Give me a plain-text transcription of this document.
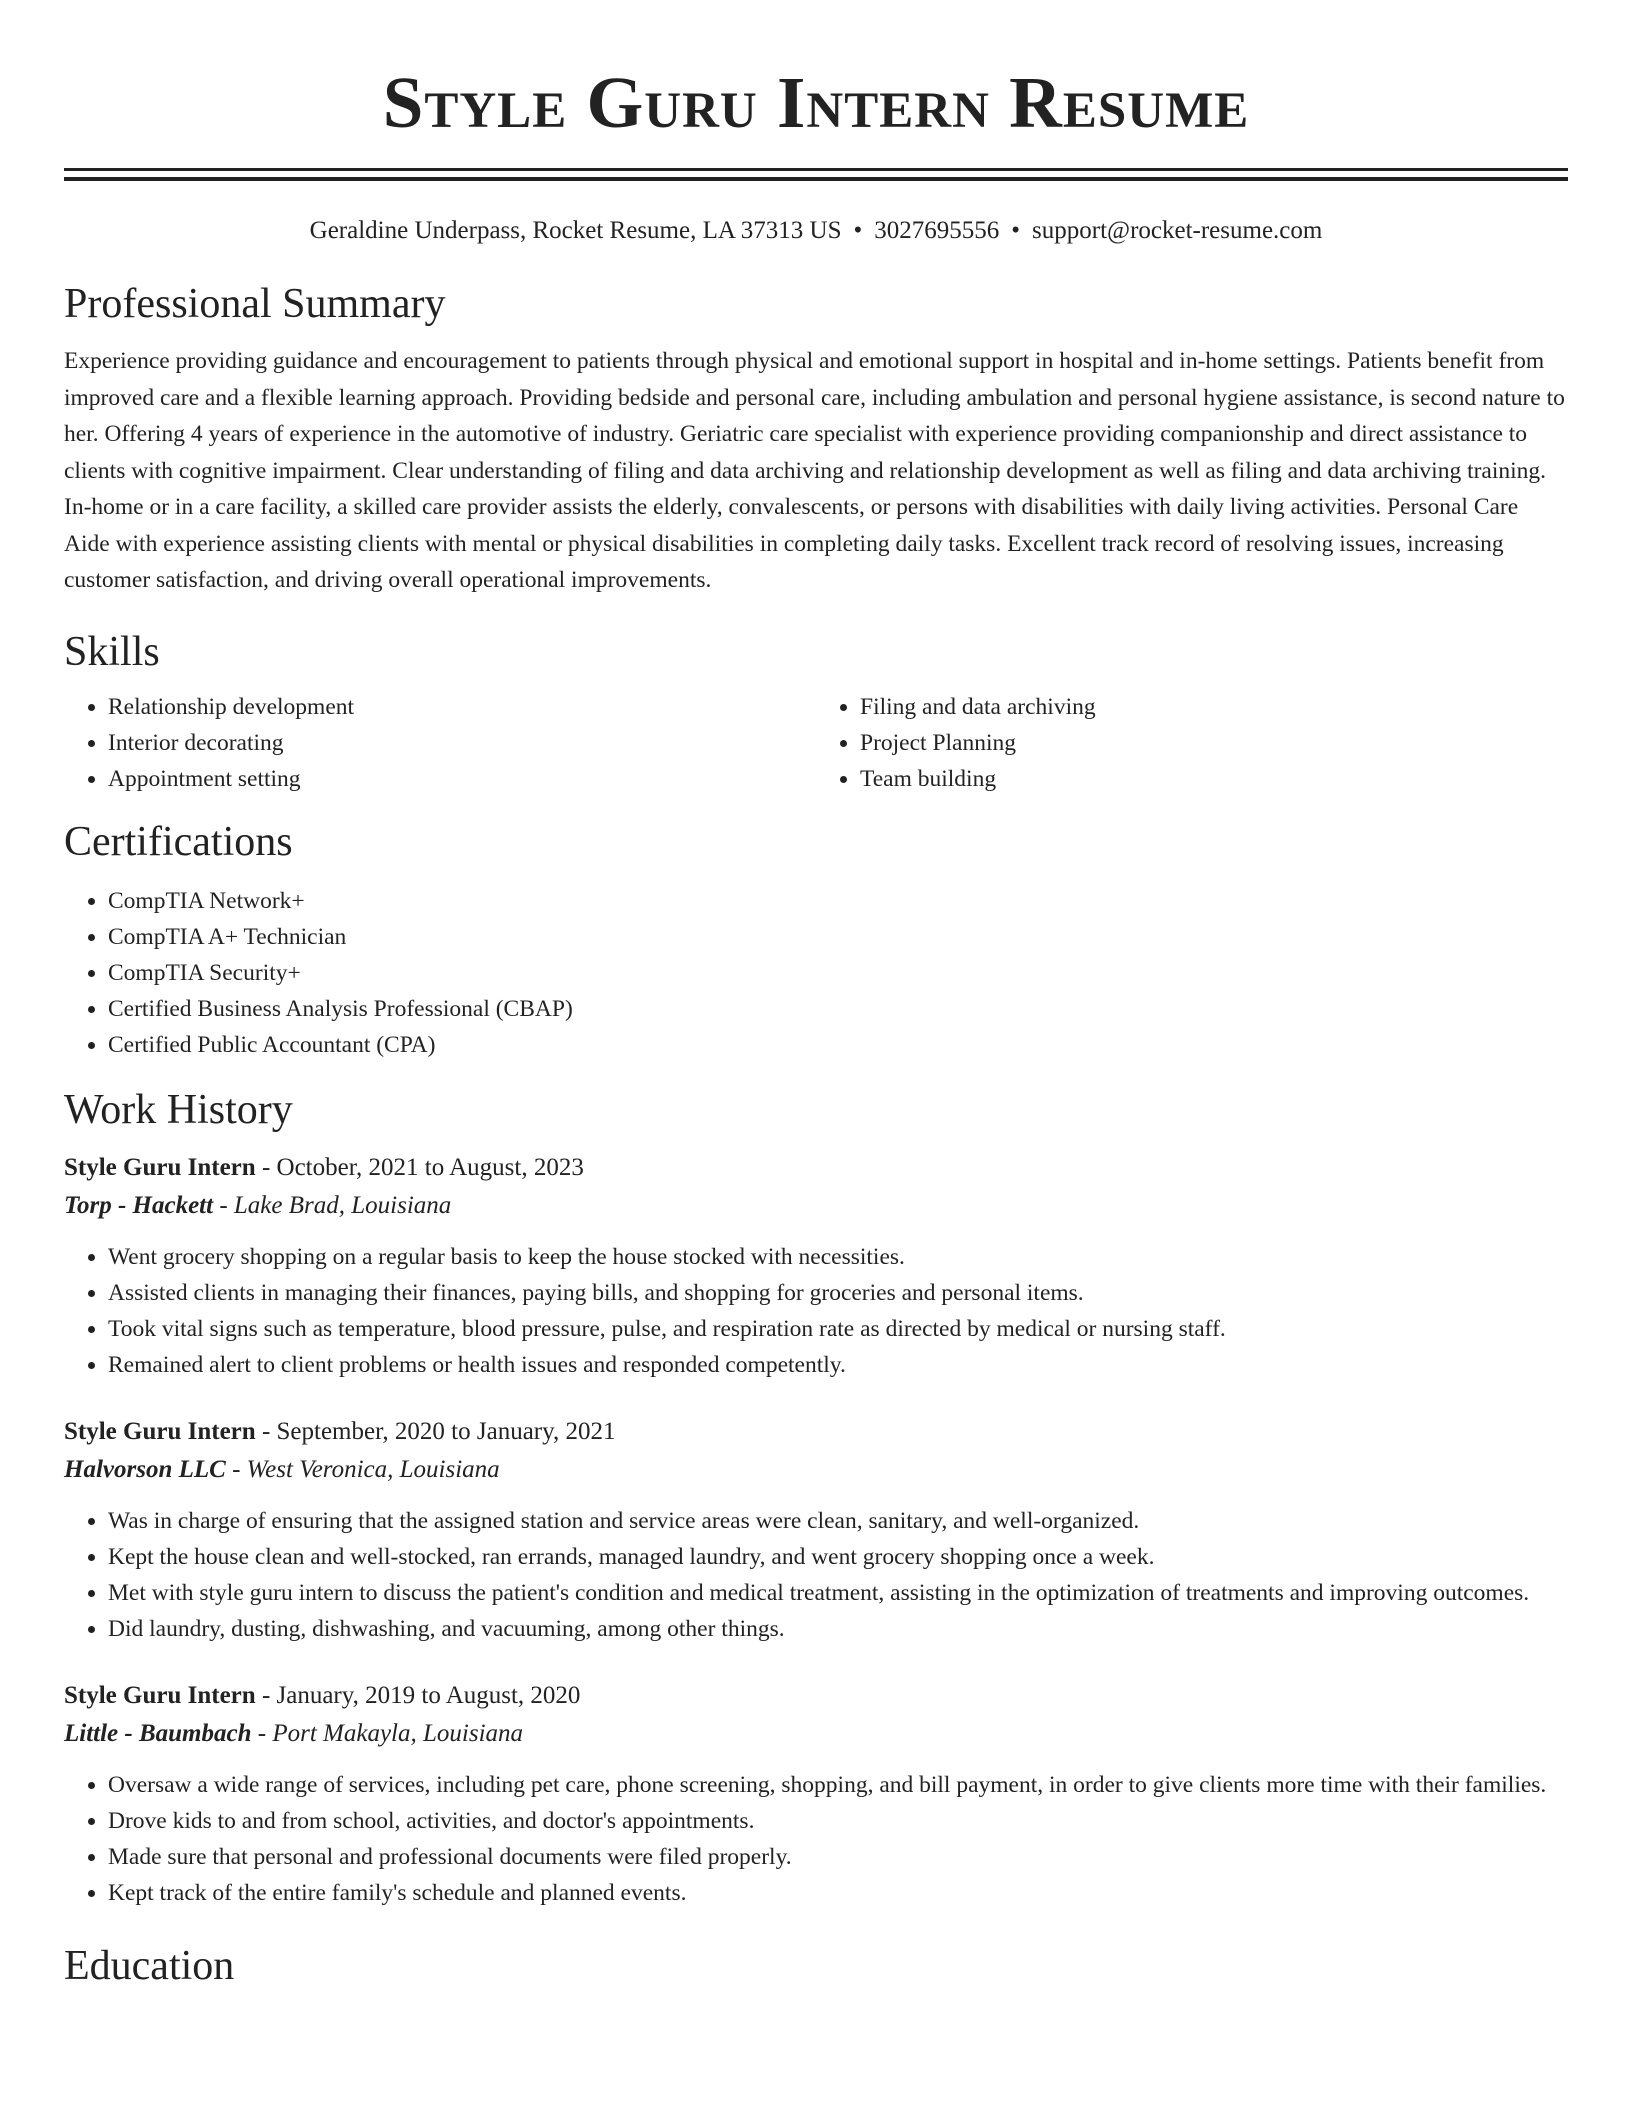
Style Guru Intern Resume
Geraldine Underpass, Rocket Resume, LA 37313 US • 3027695556 • support@rocket-resume.com
Professional Summary

Experience providing guidance and encouragement to patients through physical and emotional support in hospital and in-home settings. Patients benefit from improved care and a flexible learning approach. Providing bedside and personal care, including ambulation and personal hygiene assistance, is second nature to her. Offering 4 years of experience in the automotive of industry. Geriatric care specialist with experience providing companionship and direct assistance to clients with cognitive impairment. Clear understanding of filing and data archiving and relationship development as well as filing and data archiving training. In-home or in a care facility, a skilled care provider assists the elderly, convalescents, or persons with disabilities with daily living activities. Personal Care Aide with experience assisting clients with mental or physical disabilities in completing daily tasks. Excellent track record of resolving issues, increasing customer satisfaction, and driving overall operational improvements.

Skills
• Relationship development
• Interior decorating
• Appointment setting
• Filing and data archiving
• Project Planning
• Team building
Certifications
• CompTIA Network+
• CompTIA A+ Technician
• CompTIA Security+
• Certified Business Analysis Professional (CBAP)
• Certified Public Accountant (CPA)
Work History
Style Guru Intern - October, 2021 to August, 2023
Torp - Hackett - Lake Brad, Louisiana
• Went grocery shopping on a regular basis to keep the house stocked with necessities.
• Assisted clients in managing their finances, paying bills, and shopping for groceries and personal items.
• Took vital signs such as temperature, blood pressure, pulse, and respiration rate as directed by medical or nursing staff.
• Remained alert to client problems or health issues and responded competently.
Style Guru Intern - September, 2020 to January, 2021
Halvorson LLC - West Veronica, Louisiana
• Was in charge of ensuring that the assigned station and service areas were clean, sanitary, and well-organized.
• Kept the house clean and well-stocked, ran errands, managed laundry, and went grocery shopping once a week.
• Met with style guru intern to discuss the patient's condition and medical treatment, assisting in the optimization of treatments and improving outcomes.
• Did laundry, dusting, dishwashing, and vacuuming, among other things.
Style Guru Intern - January, 2019 to August, 2020
Little - Baumbach - Port Makayla, Louisiana
• Oversaw a wide range of services, including pet care, phone screening, shopping, and bill payment, in order to give clients more time with their families.
• Drove kids to and from school, activities, and doctor's appointments.
• Made sure that personal and professional documents were filed properly.
• Kept track of the entire family's schedule and planned events.
Education
